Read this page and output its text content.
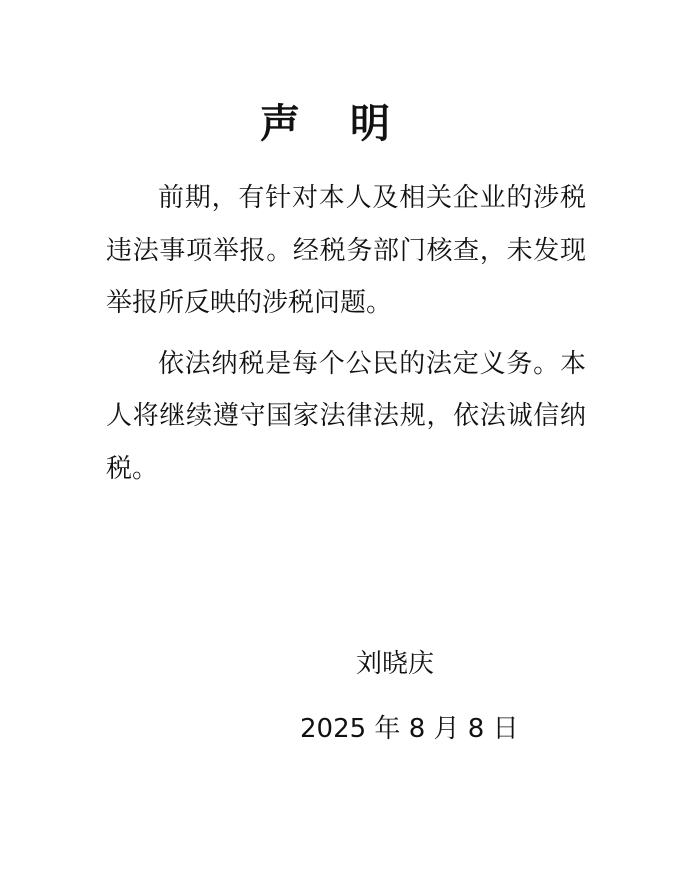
声 明

前期，有针对本人及相关企业的涉税违法事项举报。经税务部门核查，未发现举报所反映的涉税问题。

依法纳税是每个公民的法定义务。本人将继续遵守国家法律法规，依法诚信纳税。

刘晓庆
2025 年 8 月 8 日
